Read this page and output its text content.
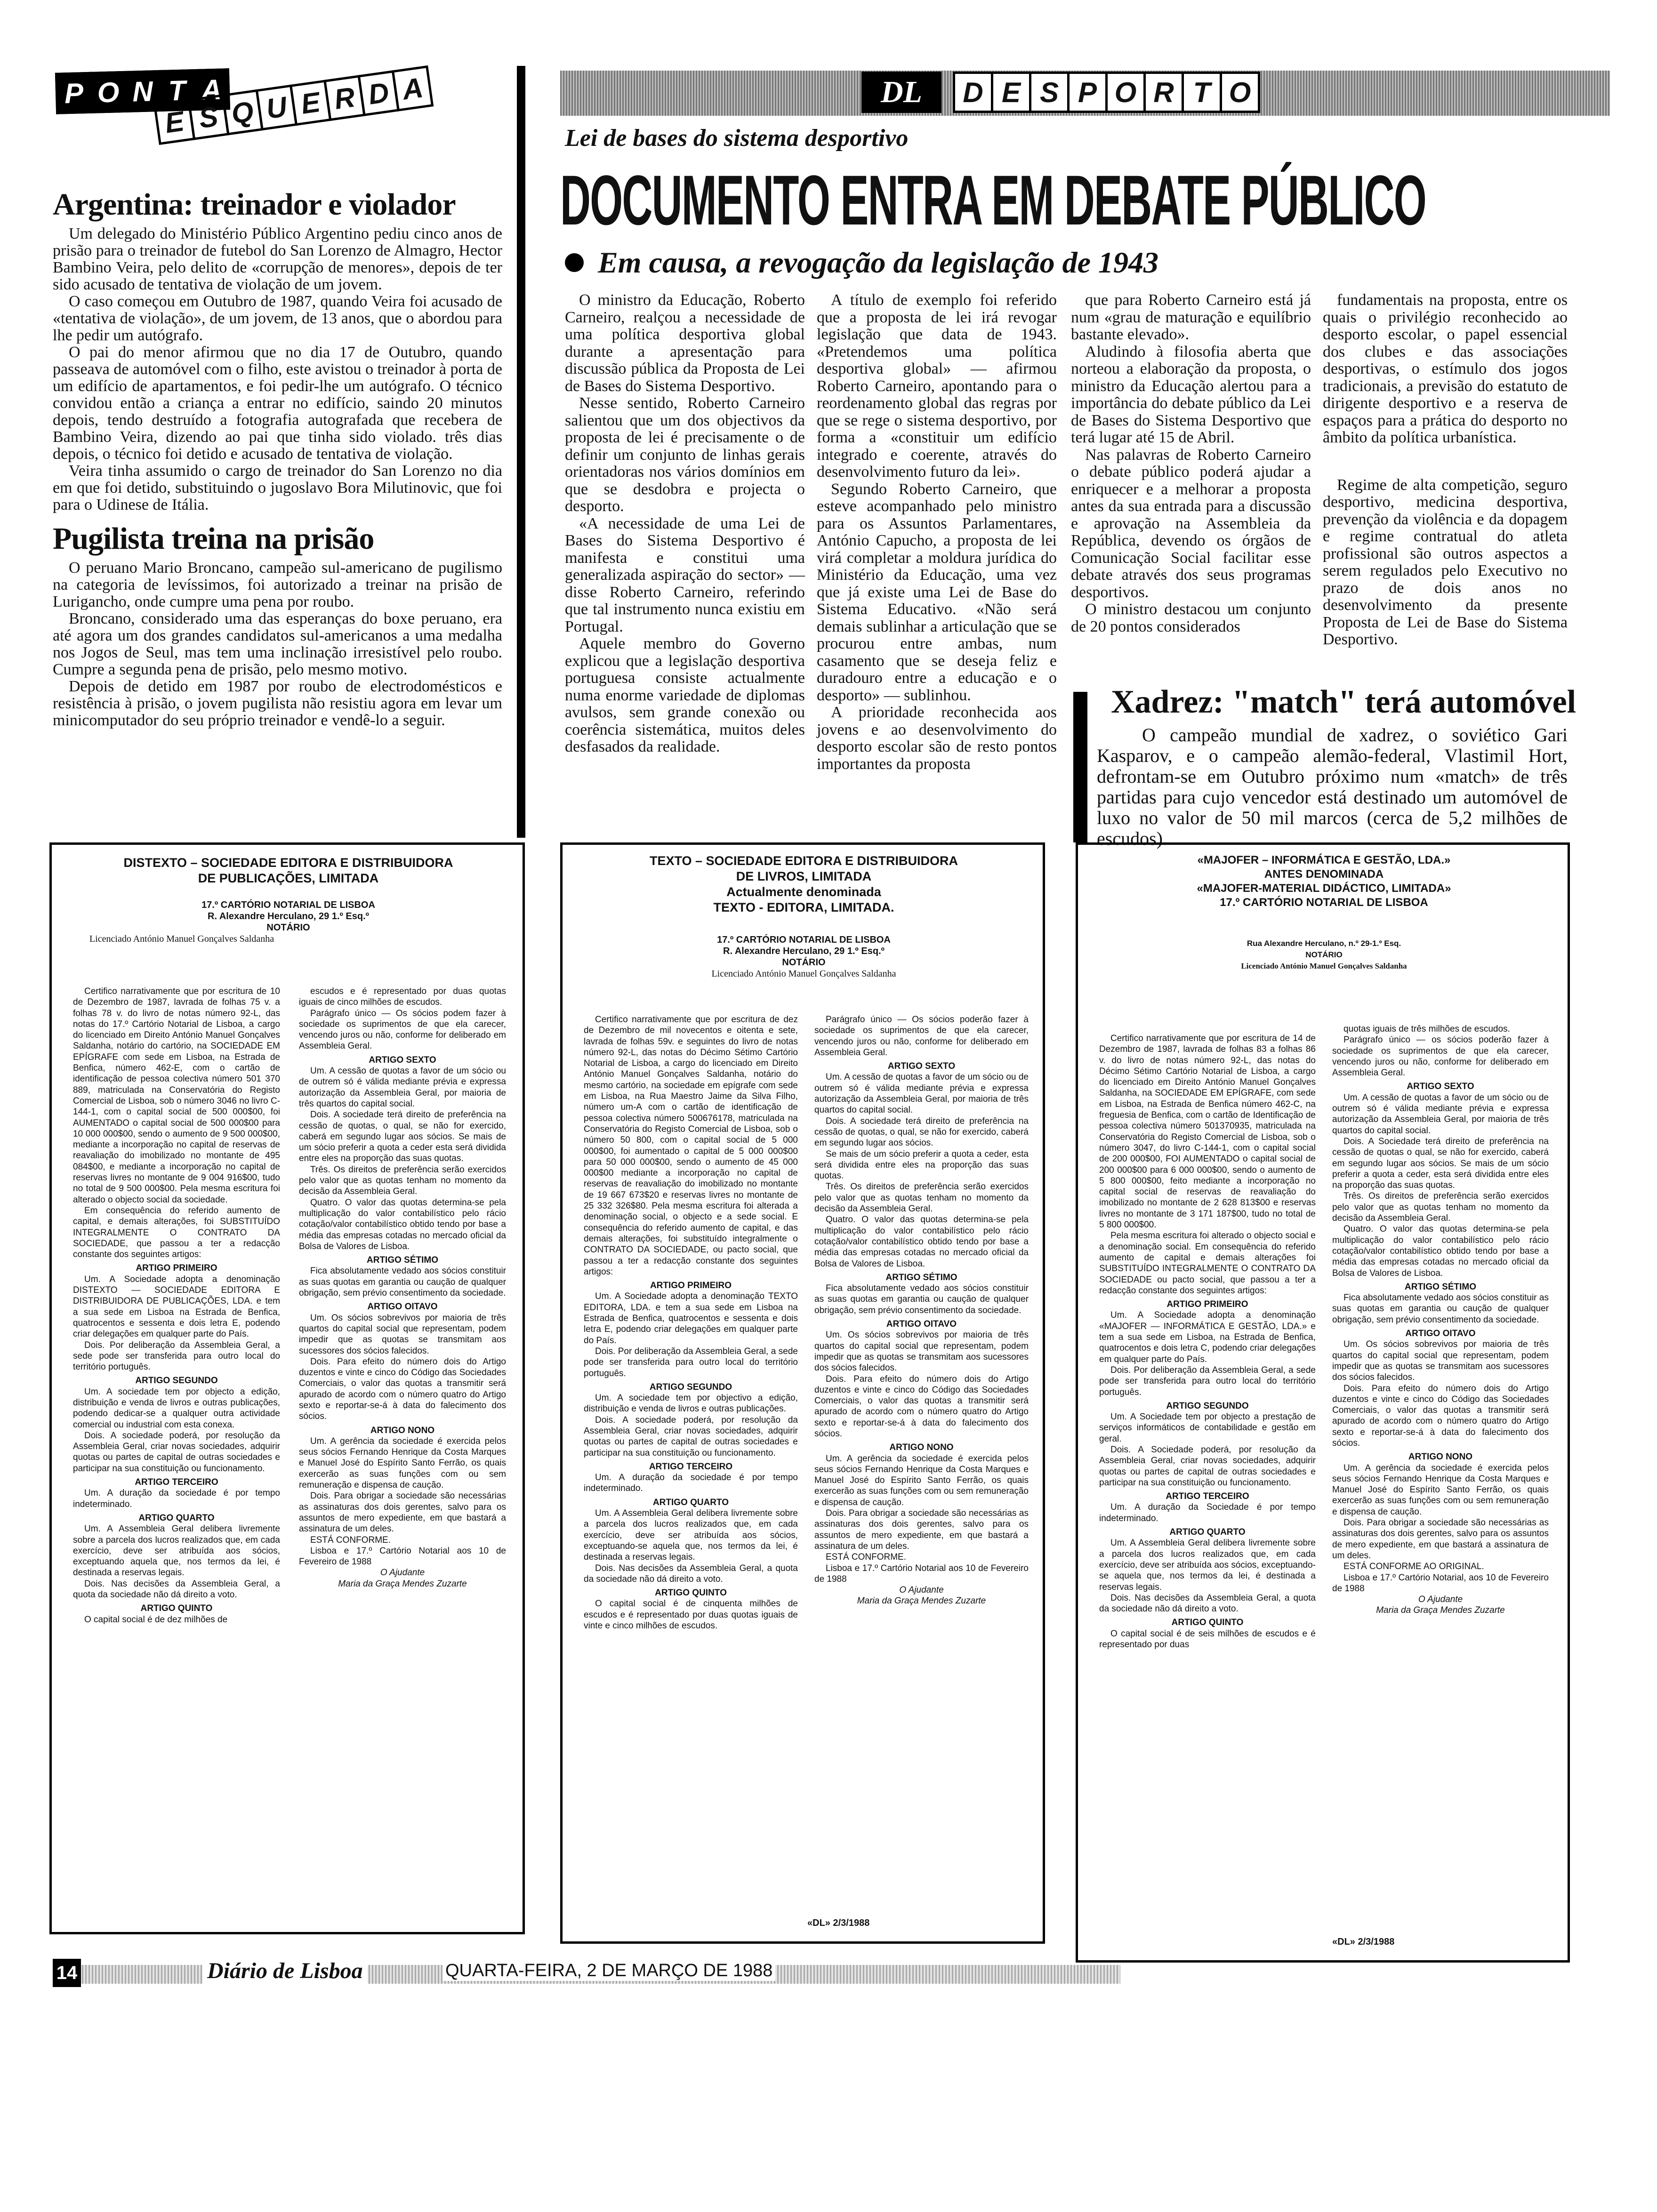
P O N T A
E S Q U E R D A
Argentina: treinador e violador

Um delegado do Ministério Público Argentino pediu cinco anos de prisão para o treinador de futebol do San Lorenzo de Almagro, Hector Bambino Veira, pelo delito de «corrupção de menores», depois de ter sido acusado de tentativa de violação de um jovem.

O caso começou em Outubro de 1987, quando Veira foi acusado de «tentativa de violação», de um jovem, de 13 anos, que o abordou para lhe pedir um autógrafo.

O pai do menor afirmou que no dia 17 de Outubro, quando passeava de automóvel com o filho, este avistou o treinador à porta de um edifício de apartamentos, e foi pedir-lhe um autógrafo. O técnico convidou então a criança a entrar no edifício, saindo 20 minutos depois, tendo destruído a fotografia autografada que recebera de Bambino Veira, dizendo ao pai que tinha sido violado. três dias depois, o técnico foi detido e acusado de tentativa de violação.

Veira tinha assumido o cargo de treinador do San Lorenzo no dia em que foi detido, substituindo o jugoslavo Bora Milutinovic, que foi para o Udinese de Itália.

Pugilista treina na prisão

O peruano Mario Broncano, campeão sul-americano de pugilismo na categoria de levíssimos, foi autorizado a treinar na prisão de Lurigancho, onde cumpre uma pena por roubo.

Broncano, considerado uma das esperanças do boxe peruano, era até agora um dos grandes candidatos sul-americanos a uma medalha nos Jogos de Seul, mas tem uma inclinação irresistível pelo roubo. Cumpre a segunda pena de prisão, pelo mesmo motivo.

Depois de detido em 1987 por roubo de electrodomésticos e resistência à prisão, o jovem pugilista não resistiu agora em levar um minicomputador do seu próprio treinador e vendê-lo a seguir.

DL	D E S P O R T O
Lei de bases do sistema desportivo
DOCUMENTO ENTRA EM DEBATE PÚBLICO
Em causa, a revogação da legislação de 1943

O ministro da Educação, Roberto Carneiro, realçou a necessidade de uma política desportiva global durante a apresentação para discussão pública da Proposta de Lei de Bases do Sistema Desportivo.

Nesse sentido, Roberto Carneiro salientou que um dos objectivos da proposta de lei é precisamente o de definir um conjunto de linhas gerais orientadoras nos vários domínios em que se desdobra e projecta o desporto.

«A necessidade de uma Lei de Bases do Sistema Desportivo é manifesta e constitui uma generalizada aspiração do sector» — disse Roberto Carneiro, referindo que tal instrumento nunca existiu em Portugal.

Aquele membro do Governo explicou que a legislação desportiva portuguesa consiste actualmente numa enorme variedade de diplomas avulsos, sem grande conexão ou coerência sistemática, muitos deles desfasados da realidade.

A título de exemplo foi referido que a proposta de lei irá revogar legislação que data de 1943. «Pretendemos uma política desportiva global» — afirmou Roberto Carneiro, apontando para o reordenamento global das regras por que se rege o sistema desportivo, por forma a «constituir um edifício integrado e coerente, através do desenvolvimento futuro da lei».

Segundo Roberto Carneiro, que esteve acompanhado pelo ministro para os Assuntos Parlamentares, António Capucho, a proposta de lei virá completar a moldura jurídica do Ministério da Educação, uma vez que já existe uma Lei de Base do Sistema Educativo. «Não será demais sublinhar a articulação que se procurou entre ambas, num casamento que se deseja feliz e duradouro entre a educação e o desporto» — sublinhou.

A prioridade reconhecida aos jovens e ao desenvolvimento do desporto escolar são de resto pontos importantes da proposta

que para Roberto Carneiro está já num «grau de maturação e equilíbrio bastante elevado».

Aludindo à filosofia aberta que norteou a elaboração da proposta, o ministro da Educação alertou para a importância do debate público da Lei de Bases do Sistema Desportivo que terá lugar até 15 de Abril.

Nas palavras de Roberto Carneiro o debate público poderá ajudar a enriquecer e a melhorar a proposta antes da sua entrada para a discussão e aprovação na Assembleia da República, devendo os órgãos de Comunicação Social facilitar esse debate através dos seus programas desportivos.

O ministro destacou um conjunto de 20 pontos considerados

fundamentais na proposta, entre os quais o privilégio reconhecido ao desporto escolar, o papel essencial dos clubes e das associações desportivas, o estímulo dos jogos tradicionais, a previsão do estatuto de dirigente desportivo e a reserva de espaços para a prática do desporto no âmbito da política urbanística.

Regime de alta competição, seguro desportivo, medicina desportiva, prevenção da violência e da dopagem e regime contratual do atleta profissional são outros aspectos a serem regulados pelo Executivo no prazo de dois anos no desenvolvimento da presente Proposta de Lei de Base do Sistema Desportivo.

Xadrez: "match" terá automóvel

O campeão mundial de xadrez, o soviético Gari Kasparov, e o campeão alemão-federal, Vlastimil Hort, defrontam-se em Outubro próximo num «match» de três partidas para cujo vencedor está destinado um automóvel de luxo no valor de 50 mil marcos (cerca de 5,2 milhões de escudos).

DISTEXTO – SOCIEDADE EDITORA E DISTRIBUIDORA
DE PUBLICAÇÕES, LIMITADA
17.º CARTÓRIO NOTARIAL DE LISBOA
R. Alexandre Herculano, 29 1.º Esq.º
NOTÁRIO
Licenciado António Manuel Gonçalves Saldanha

Certifico narrativamente que por escritura de 10 de Dezembro de 1987, lavrada de folhas 75 v. a folhas 78 v. do livro de notas número 92-L, das notas do 17.º Cartório Notarial de Lisboa, a cargo do licenciado em Direito António Manuel Gonçalves Saldanha, notário do cartório, na SOCIEDADE EM EPÍGRAFE com sede em Lisboa, na Estrada de Benfica, número 462-E, com o cartão de identificação de pessoa colectiva número 501 370 889, matriculada na Conservatória do Registo Comercial de Lisboa, sob o número 3046 no livro C-144-1, com o capital social de 500 000$00, foi AUMENTADO o capital social de 500 000$00 para 10 000 000$00, sendo o aumento de 9 500 000$00, mediante a incorporação no capital de reservas de reavaliação do imobilizado no montante de 495 084$00, e mediante a incorporação no capital de reservas livres no montante de 9 004 916$00, tudo no total de 9 500 000$00. Pela mesma escritura foi alterado o objecto social da sociedade.

Em consequência do referido aumento de capital, e demais alterações, foi SUBSTITUÍDO INTEGRALMENTE O CONTRATO DA SOCIEDADE, que passou a ter a redacção constante dos seguintes artigos:

ARTIGO PRIMEIRO

Um. A Sociedade adopta a denominação DISTEXTO — SOCIEDADE EDITORA E DISTRIBUIDORA DE PUBLICAÇÕES, LDA. e tem a sua sede em Lisboa na Estrada de Benfica, quatrocentos e sessenta e dois letra E, podendo criar delegações em qualquer parte do País.

Dois. Por deliberação da Assembleia Geral, a sede pode ser transferida para outro local do território português.

ARTIGO SEGUNDO

Um. A sociedade tem por objecto a edição, distribuição e venda de livros e outras publicações, podendo dedicar-se a qualquer outra actividade comercial ou industrial com esta conexa.

Dois. A sociedade poderá, por resolução da Assembleia Geral, criar novas sociedades, adquirir quotas ou partes de capital de outras sociedades e participar na sua constituição ou funcionamento.

ARTIGO TERCEIRO

Um. A duração da sociedade é por tempo indeterminado.

ARTIGO QUARTO

Um. A Assembleia Geral delibera livremente sobre a parcela dos lucros realizados que, em cada exercício, deve ser atribuída aos sócios, exceptuando aquela que, nos termos da lei, é destinada a reservas legais.

Dois. Nas decisões da Assembleia Geral, a quota da sociedade não dá direito a voto.

ARTIGO QUINTO

O capital social é de dez milhões de

escudos e é representado por duas quotas iguais de cinco milhões de escudos.

Parágrafo único — Os sócios podem fazer à sociedade os suprimentos de que ela carecer, vencendo juros ou não, conforme for deliberado em Assembleia Geral.

ARTIGO SEXTO

Um. A cessão de quotas a favor de um sócio ou de outrem só é válida mediante prévia e expressa autorização da Assembleia Geral, por maioria de três quartos do capital social.

Dois. A sociedade terá direito de preferência na cessão de quotas, o qual, se não for exercido, caberá em segundo lugar aos sócios. Se mais de um sócio preferir a quota a ceder esta será dividida entre eles na proporção das suas quotas.

Três. Os direitos de preferência serão exercidos pelo valor que as quotas tenham no momento da decisão da Assembleia Geral.

Quatro. O valor das quotas determina-se pela multiplicação do valor contabilístico pelo rácio cotação/valor contabilístico obtido tendo por base a média das empresas cotadas no mercado oficial da Bolsa de Valores de Lisboa.

ARTIGO SÉTIMO

Fica absolutamente vedado aos sócios constituir as suas quotas em garantia ou caução de qualquer obrigação, sem prévio consentimento da sociedade.

ARTIGO OITAVO

Um. Os sócios sobrevivos por maioria de três quartos do capital social que representam, podem impedir que as quotas se transmitam aos sucessores dos sócios falecidos.

Dois. Para efeito do número dois do Artigo duzentos e vinte e cinco do Código das Sociedades Comerciais, o valor das quotas a transmitir será apurado de acordo com o número quatro do Artigo sexto e reportar-se-á à data do falecimento dos sócios.

ARTIGO NONO

Um. A gerência da sociedade é exercida pelos seus sócios Fernando Henrique da Costa Marques e Manuel José do Espírito Santo Ferrão, os quais exercerão as suas funções com ou sem remuneração e dispensa de caução.

Dois. Para obrigar a sociedade são necessárias as assinaturas dos dois gerentes, salvo para os assuntos de mero expediente, em que bastará a assinatura de um deles.

ESTÁ CONFORME.

Lisboa e 17.º Cartório Notarial aos 10 de Fevereiro de 1988

O Ajudante

Maria da Graça Mendes Zuzarte

TEXTO – SOCIEDADE EDITORA E DISTRIBUIDORA
DE LIVROS, LIMITADA
Actualmente denominada
TEXTO - EDITORA, LIMITADA.
17.º CARTÓRIO NOTARIAL DE LISBOA
R. Alexandre Herculano, 29 1.º Esq.º
NOTÁRIO
Licenciado António Manuel Gonçalves Saldanha

Certifico narrativamente que por escritura de dez de Dezembro de mil novecentos e oitenta e sete, lavrada de folhas 59v. e seguintes do livro de notas número 92-L, das notas do Décimo Sétimo Cartório Notarial de Lisboa, a cargo do licenciado em Direito António Manuel Gonçalves Saldanha, notário do mesmo cartório, na sociedade em epígrafe com sede em Lisboa, na Rua Maestro Jaime da Silva Filho, número um-A com o cartão de identificação de pessoa colectiva número 500676178, matriculada na Conservatória do Registo Comercial de Lisboa, sob o número 50 800, com o capital social de 5 000 000$00, foi aumentado o capital de 5 000 000$00 para 50 000 000$00, sendo o aumento de 45 000 000$00 mediante a incorporação no capital de reservas de reavaliação do imobilizado no montante de 19 667 673$20 e reservas livres no montante de 25 332 326$80. Pela mesma escritura foi alterada a denominação social, o objecto e a sede social. E consequência do referido aumento de capital, e das demais alterações, foi substituído integralmente o CONTRATO DA SOCIEDADE, ou pacto social, que passou a ter a redacção constante dos seguintes artigos:

ARTIGO PRIMEIRO

Um. A Sociedade adopta a denominação TEXTO EDITORA, LDA. e tem a sua sede em Lisboa na Estrada de Benfica, quatrocentos e sessenta e dois letra E, podendo criar delegações em qualquer parte do País.

Dois. Por deliberação da Assembleia Geral, a sede pode ser transferida para outro local do território português.

ARTIGO SEGUNDO

Um. A sociedade tem por objectivo a edição, distribuição e venda de livros e outras publicações.

Dois. A sociedade poderá, por resolução da Assembleia Geral, criar novas sociedades, adquirir quotas ou partes de capital de outras sociedades e participar na sua constituição ou funcionamento.

ARTIGO TERCEIRO

Um. A duração da sociedade é por tempo indeterminado.

ARTIGO QUARTO

Um. A Assembleia Geral delibera livremente sobre a parcela dos lucros realizados que, em cada exercício, deve ser atribuída aos sócios, exceptuando-se aquela que, nos termos da lei, é destinada a reservas legais.

Dois. Nas decisões da Assembleia Geral, a quota da sociedade não dá direito a voto.

ARTIGO QUINTO

O capital social é de cinquenta milhões de escudos e é representado por duas quotas iguais de vinte e cinco milhões de escudos.

Parágrafo único — Os sócios poderão fazer à sociedade os suprimentos de que ela carecer, vencendo juros ou não, conforme for deliberado em Assembleia Geral.

ARTIGO SEXTO

Um. A cessão de quotas a favor de um sócio ou de outrem só é válida mediante prévia e expressa autorização da Assembleia Geral, por maioria de três quartos do capital social.

Dois. A sociedade terá direito de preferência na cessão de quotas, o qual, se não for exercido, caberá em segundo lugar aos sócios.

Se mais de um sócio preferir a quota a ceder, esta será dividida entre eles na proporção das suas quotas.

Três. Os direitos de preferência serão exercidos pelo valor que as quotas tenham no momento da decisão da Assembleia Geral.

Quatro. O valor das quotas determina-se pela multiplicação do valor contabilístico pelo rácio cotação/valor contabilístico obtido tendo por base a média das empresas cotadas no mercado oficial da Bolsa de Valores de Lisboa.

ARTIGO SÉTIMO

Fica absolutamente vedado aos sócios constituir as suas quotas em garantia ou caução de qualquer obrigação, sem prévio consentimento da sociedade.

ARTIGO OITAVO

Um. Os sócios sobrevivos por maioria de três quartos do capital social que representam, podem impedir que as quotas se transmitam aos sucessores dos sócios falecidos.

Dois. Para efeito do número dois do Artigo duzentos e vinte e cinco do Código das Sociedades Comerciais, o valor das quotas a transmitir será apurado de acordo com o número quatro do Artigo sexto e reportar-se-á à data do falecimento dos sócios.

ARTIGO NONO

Um. A gerência da sociedade é exercida pelos seus sócios Fernando Henrique da Costa Marques e Manuel José do Espírito Santo Ferrão, os quais exercerão as suas funções com ou sem remuneração e dispensa de caução.

Dois. Para obrigar a sociedade são necessárias as assinaturas dos dois gerentes, salvo para os assuntos de mero expediente, em que bastará a assinatura de um deles.

ESTÁ CONFORME.

Lisboa e 17.º Cartório Notarial aos 10 de Fevereiro de 1988

O Ajudante

Maria da Graça Mendes Zuzarte

«DL» 2/3/1988
«MAJOFER – INFORMÁTICA E GESTÃO, LDA.»
ANTES DENOMINADA
«MAJOFER-MATERIAL DIDÁCTICO, LIMITADA»
17.º CARTÓRIO NOTARIAL DE LISBOA
Rua Alexandre Herculano, n.º 29-1.º Esq.
NOTÁRIO
Licenciado António Manuel Gonçalves Saldanha

Certifico narrativamente que por escritura de 14 de Dezembro de 1987, lavrada de folhas 83 a folhas 86 v. do livro de notas número 92-L, das notas do Décimo Sétimo Cartório Notarial de Lisboa, a cargo do licenciado em Direito António Manuel Gonçalves Saldanha, na SOCIEDADE EM EPÍGRAFE, com sede em Lisboa, na Estrada de Benfica número 462-C, na freguesia de Benfica, com o cartão de Identificação de pessoa colectiva número 501370935, matriculada na Conservatória do Registo Comercial de Lisboa, sob o número 3047, do livro C-144-1, com o capital social de 200 000$00, FOI AUMENTADO o capital social de 200 000$00 para 6 000 000$00, sendo o aumento de 5 800 000$00, feito mediante a incorporação no capital social de reservas de reavaliação do imobilizado no montante de 2 628 813$00 e reservas livres no montante de 3 171 187$00, tudo no total de 5 800 000$00.

Pela mesma escritura foi alterado o objecto social e a denominação social. Em consequência do referido aumento de capital e demais alterações foi SUBSTITUÍDO INTEGRALMENTE O CONTRATO DA SOCIEDADE ou pacto social, que passou a ter a redacção constante dos seguintes artigos:

ARTIGO PRIMEIRO

Um. A Sociedade adopta a denominação «MAJOFER — INFORMÁTICA E GESTÃO, LDA.» e tem a sua sede em Lisboa, na Estrada de Benfica, quatrocentos e dois letra C, podendo criar delegações em qualquer parte do País.

Dois. Por deliberação da Assembleia Geral, a sede pode ser transferida para outro local do território português.

ARTIGO SEGUNDO

Um. A Sociedade tem por objecto a prestação de serviços informáticos de contabilidade e gestão em geral.

Dois. A Sociedade poderá, por resolução da Assembleia Geral, criar novas sociedades, adquirir quotas ou partes de capital de outras sociedades e participar na sua constituição ou funcionamento.

ARTIGO TERCEIRO

Um. A duração da Sociedade é por tempo indeterminado.

ARTIGO QUARTO

Um. A Assembleia Geral delibera livremente sobre a parcela dos lucros realizados que, em cada exercício, deve ser atribuída aos sócios, exceptuando-se aquela que, nos termos da lei, é destinada a reservas legais.

Dois. Nas decisões da Assembleia Geral, a quota da sociedade não dá direito a voto.

ARTIGO QUINTO

O capital social é de seis milhões de escudos e é representado por duas

quotas iguais de três milhões de escudos.

Parágrafo único — os sócios poderão fazer à sociedade os suprimentos de que ela carecer, vencendo juros ou não, conforme for deliberado em Assembleia Geral.

ARTIGO SEXTO

Um. A cessão de quotas a favor de um sócio ou de outrem só é válida mediante prévia e expressa autorização da Assembleia Geral, por maioria de três quartos do capital social.

Dois. A Sociedade terá direito de preferência na cessão de quotas o qual, se não for exercido, caberá em segundo lugar aos sócios. Se mais de um sócio preferir a quota a ceder, esta será dividida entre eles na proporção das suas quotas.

Três. Os direitos de preferência serão exercidos pelo valor que as quotas tenham no momento da decisão da Assembleia Geral.

Quatro. O valor das quotas determina-se pela multiplicação do valor contabilístico pelo rácio cotação/valor contabilístico obtido tendo por base a média das empresas cotadas no mercado oficial da Bolsa de Valores de Lisboa.

ARTIGO SÉTIMO

Fica absolutamente vedado aos sócios constituir as suas quotas em garantia ou caução de qualquer obrigação, sem prévio consentimento da sociedade.

ARTIGO OITAVO

Um. Os sócios sobrevivos por maioria de três quartos do capital social que representam, podem impedir que as quotas se transmitam aos sucessores dos sócios falecidos.

Dois. Para efeito do número dois do Artigo duzentos e vinte e cinco do Código das Sociedades Comerciais, o valor das quotas a transmitir será apurado de acordo com o número quatro do Artigo sexto e reportar-se-á à data do falecimento dos sócios.

ARTIGO NONO

Um. A gerência da sociedade é exercida pelos seus sócios Fernando Henrique da Costa Marques e Manuel José do Espírito Santo Ferrão, os quais exercerão as suas funções com ou sem remuneração e dispensa de caução.

Dois. Para obrigar a sociedade são necessárias as assinaturas dos dois gerentes, salvo para os assuntos de mero expediente, em que bastará a assinatura de um deles.

ESTÁ CONFORME AO ORIGINAL.

Lisboa e 17.º Cartório Notarial, aos 10 de Fevereiro de 1988

O Ajudante

Maria da Graça Mendes Zuzarte

«DL» 2/3/1988
14	Diário de Lisboa	QUARTA-FEIRA, 2 DE MARÇO DE 1988
